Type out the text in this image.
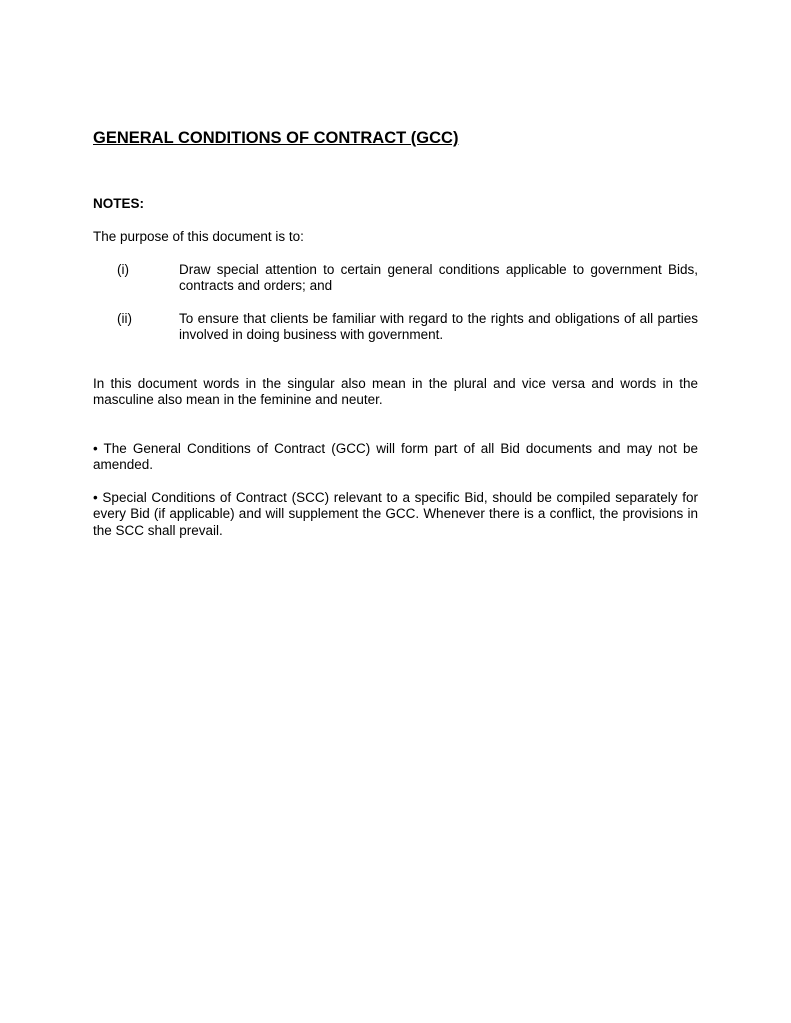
GENERAL CONDITIONS OF CONTRACT (GCC)

NOTES:

The purpose of this document is to:

(i)	Draw special attention to certain general conditions applicable to government Bids, contracts and orders; and
(ii)	To ensure that clients be familiar with regard to the rights and obligations of all parties involved in doing business with government.

In this document words in the singular also mean in the plural and vice versa and words in the masculine also mean in the feminine and neuter.

• The General Conditions of Contract (GCC) will form part of all Bid documents and may not be amended.

• Special Conditions of Contract (SCC) relevant to a specific Bid, should be compiled separately for every Bid (if applicable) and will supplement the GCC. Whenever there is a conflict, the provisions in the SCC shall prevail.
